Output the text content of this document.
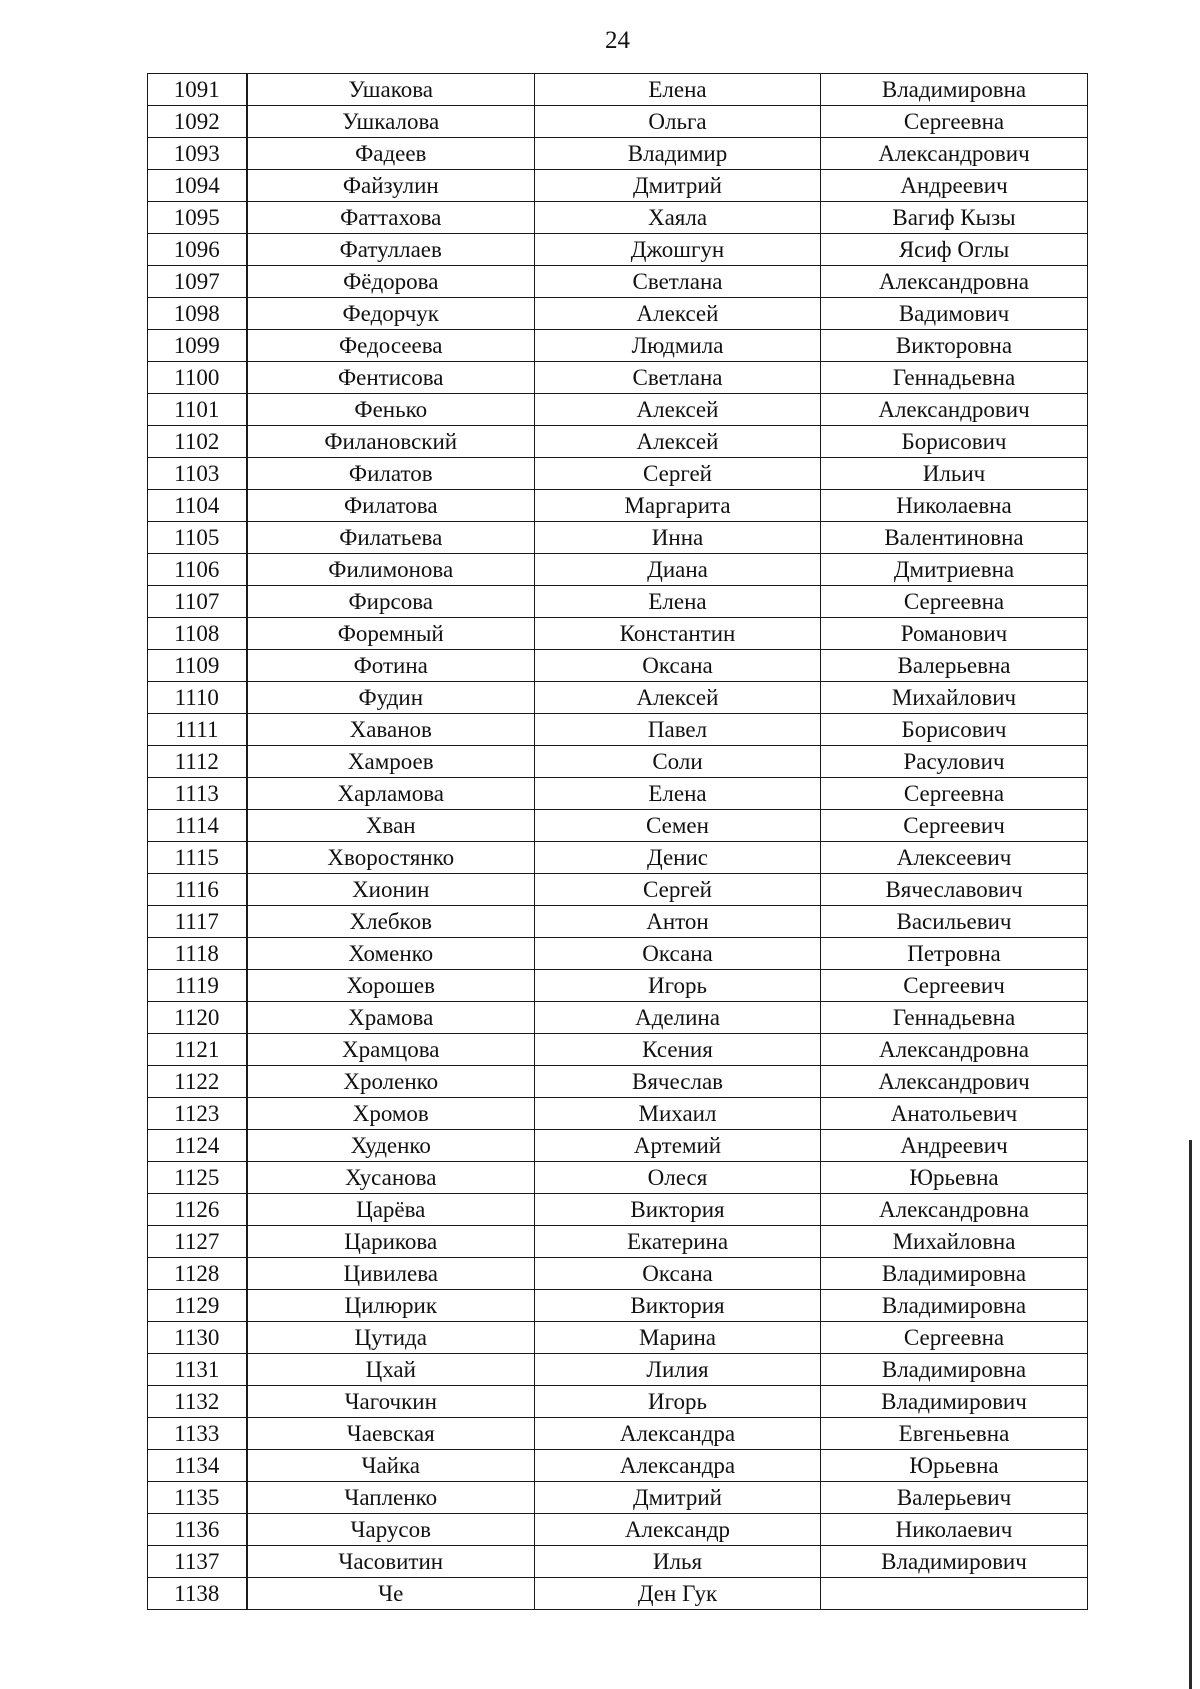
24
1091	Ушакова	Елена	Владимировна
1092	Ушкалова	Ольга	Сергеевна
1093	Фадеев	Владимир	Александрович
1094	Файзулин	Дмитрий	Андреевич
1095	Фаттахова	Хаяла	Вагиф Кызы
1096	Фатуллаев	Джошгун	Ясиф Оглы
1097	Фёдорова	Светлана	Александровна
1098	Федорчук	Алексей	Вадимович
1099	Федосеева	Людмила	Викторовна
1100	Фентисова	Светлана	Геннадьевна
1101	Фенько	Алексей	Александрович
1102	Филановский	Алексей	Борисович
1103	Филатов	Сергей	Ильич
1104	Филатова	Маргарита	Николаевна
1105	Филатьева	Инна	Валентиновна
1106	Филимонова	Диана	Дмитриевна
1107	Фирсова	Елена	Сергеевна
1108	Форемный	Константин	Романович
1109	Фотина	Оксана	Валерьевна
1110	Фудин	Алексей	Михайлович
1111	Хаванов	Павел	Борисович
1112	Хамроев	Соли	Расулович
1113	Харламова	Елена	Сергеевна
1114	Хван	Семен	Сергеевич
1115	Хворостянко	Денис	Алексеевич
1116	Хионин	Сергей	Вячеславович
1117	Хлебков	Антон	Васильевич
1118	Хоменко	Оксана	Петровна
1119	Хорошев	Игорь	Сергеевич
1120	Храмова	Аделина	Геннадьевна
1121	Храмцова	Ксения	Александровна
1122	Хроленко	Вячеслав	Александрович
1123	Хромов	Михаил	Анатольевич
1124	Худенко	Артемий	Андреевич
1125	Хусанова	Олеся	Юрьевна
1126	Царёва	Виктория	Александровна
1127	Царикова	Екатерина	Михайловна
1128	Цивилева	Оксана	Владимировна
1129	Цилюрик	Виктория	Владимировна
1130	Цутида	Марина	Сергеевна
1131	Цхай	Лилия	Владимировна
1132	Чагочкин	Игорь	Владимирович
1133	Чаевская	Александра	Евгеньевна
1134	Чайка	Александра	Юрьевна
1135	Чапленко	Дмитрий	Валерьевич
1136	Чарусов	Александр	Николаевич
1137	Часовитин	Илья	Владимирович
1138	Че	Ден Гук	
